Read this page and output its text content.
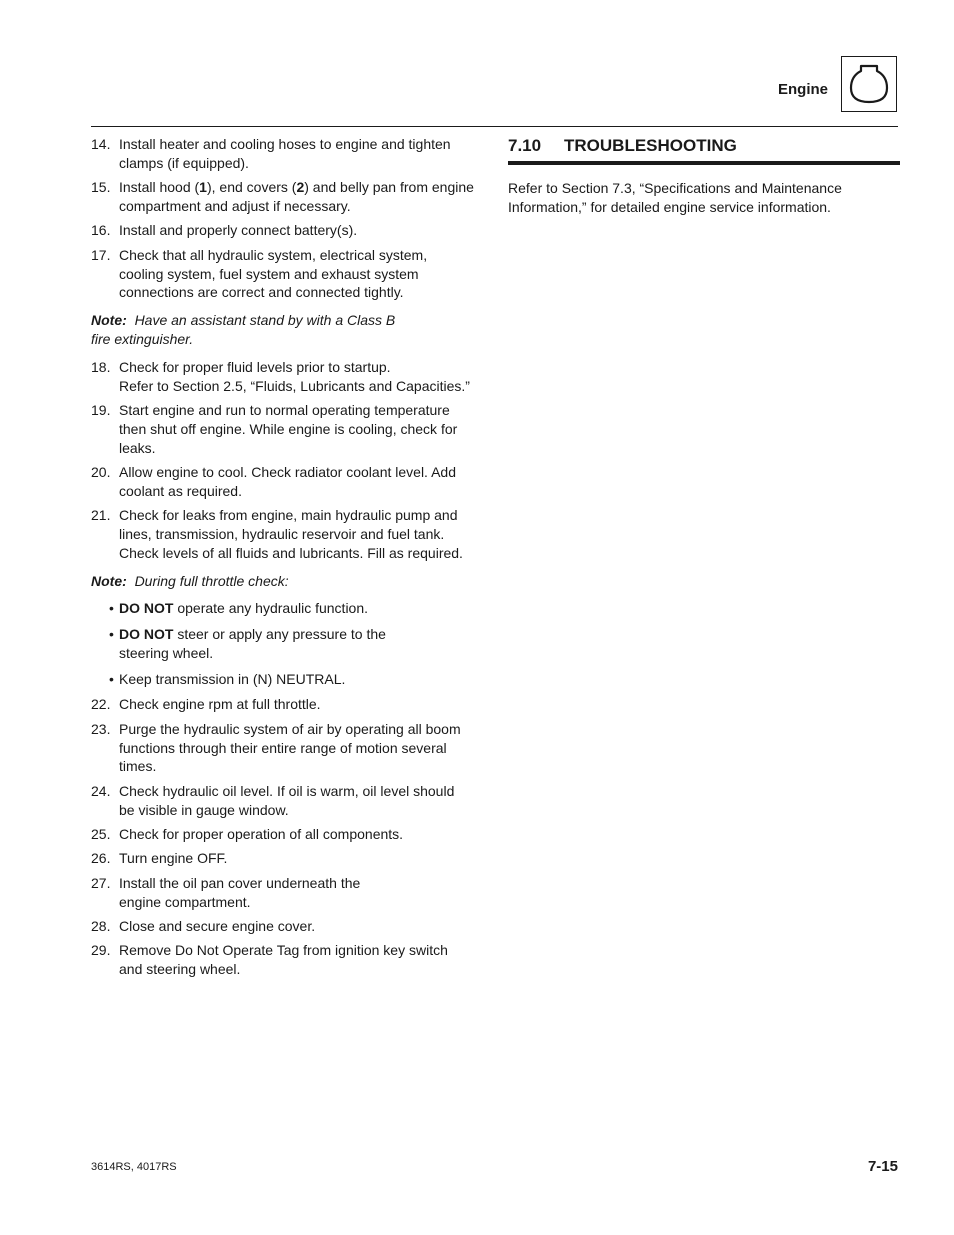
Engine
14. Install heater and cooling hoses to engine and tighten
clamps (if equipped).
15. Install hood (1), end covers (2) and belly pan from engine
compartment and adjust if necessary.
16. Install and properly connect battery(s).
17. Check that all hydraulic system, electrical system,
cooling system, fuel system and exhaust system
connections are correct and connected tightly.
Note: Have an assistant stand by with a Class B
fire extinguisher.
18. Check for proper fluid levels prior to startup.
Refer to Section 2.5, “Fluids, Lubricants and Capacities.”
19. Start engine and run to normal operating temperature
then shut off engine. While engine is cooling, check for
leaks.
20. Allow engine to cool. Check radiator coolant level. Add
coolant as required.
21. Check for leaks from engine, main hydraulic pump and
lines, transmission, hydraulic reservoir and fuel tank.
Check levels of all fluids and lubricants. Fill as required.
Note: During full throttle check:
• DO NOT operate any hydraulic function.
• DO NOT steer or apply any pressure to the
steering wheel.
• Keep transmission in (N) NEUTRAL.
22. Check engine rpm at full throttle.
23. Purge the hydraulic system of air by operating all boom
functions through their entire range of motion several
times.
24. Check hydraulic oil level. If oil is warm, oil level should
be visible in gauge window.
25. Check for proper operation of all components.
26. Turn engine OFF.
27. Install the oil pan cover underneath the
engine compartment.
28. Close and secure engine cover.
29. Remove Do Not Operate Tag from ignition key switch
and steering wheel.
7.10	TROUBLESHOOTING
Refer to Section 7.3, “Specifications and Maintenance
Information,” for detailed engine service information.
3614RS, 4017RS	7-15
